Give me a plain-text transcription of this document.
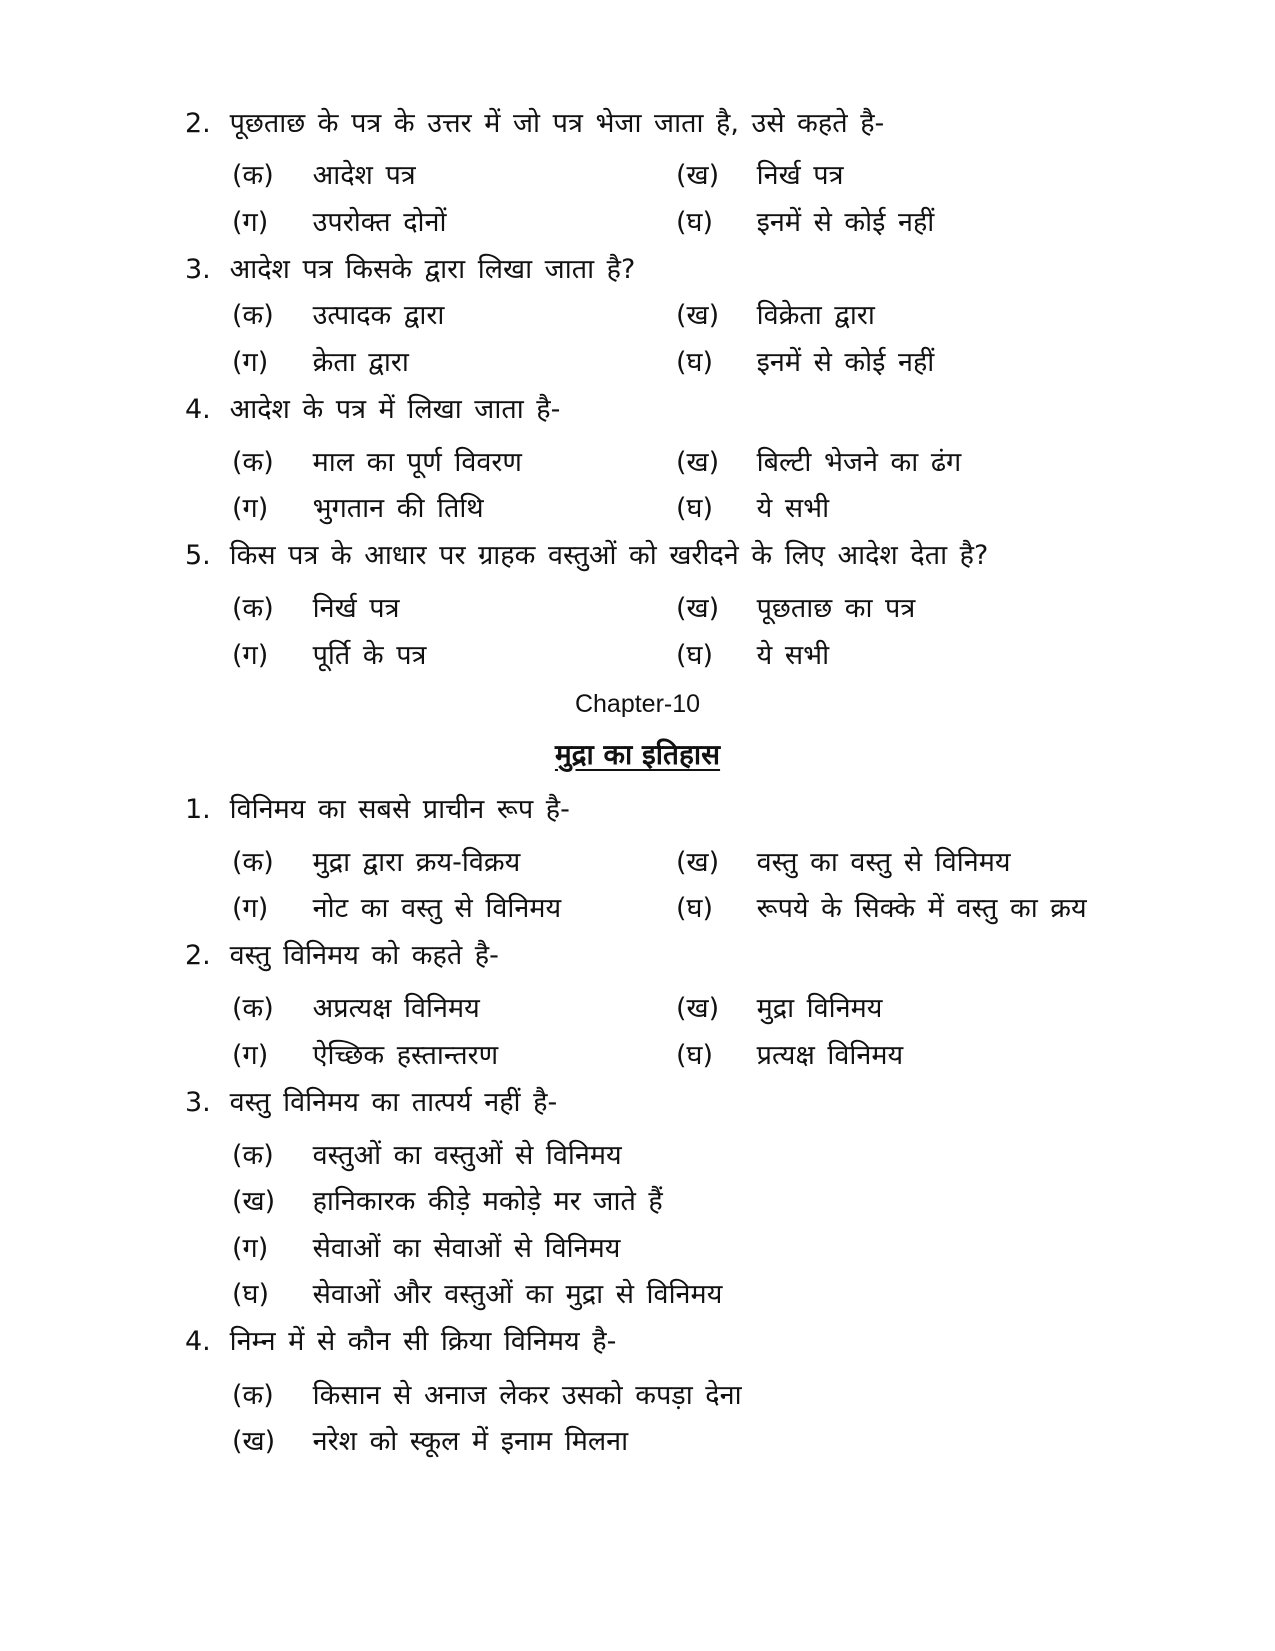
2. पूछताछ के पत्र के उत्तर में जो पत्र भेजा जाता है, उसे कहते है-
(क) आदेश पत्र	(ख) निर्ख पत्र
(ग) उपरोक्त दोनों	(घ) इनमें से कोई नहीं
3. आदेश पत्र किसके द्वारा लिखा जाता है?
(क) उत्पादक द्वारा	(ख) विक्रेता द्वारा
(ग) क्रेता द्वारा	(घ) इनमें से कोई नहीं
4. आदेश के पत्र में लिखा जाता है-
(क) माल का पूर्ण विवरण	(ख) बिल्टी भेजने का ढंग
(ग) भुगतान की तिथि	(घ) ये सभी
5. किस पत्र के आधार पर ग्राहक वस्तुओं को खरीदने के लिए आदेश देता है?
(क) निर्ख पत्र	(ख) पूछताछ का पत्र
(ग) पूर्ति के पत्र	(घ) ये सभी
Chapter-10
मुद्रा का इतिहास
1. विनिमय का सबसे प्राचीन रूप है-
(क) मुद्रा द्वारा क्रय-विक्रय	(ख) वस्तु का वस्तु से विनिमय
(ग) नोट का वस्तु से विनिमय	(घ) रूपये के सिक्के में वस्तु का क्रय
2. वस्तु विनिमय को कहते है-
(क) अप्रत्यक्ष विनिमय	(ख) मुद्रा विनिमय
(ग) ऐच्छिक हस्तान्तरण	(घ) प्रत्यक्ष विनिमय
3. वस्तु विनिमय का तात्पर्य नहीं है-
(क) वस्तुओं का वस्तुओं से विनिमय
(ख) हानिकारक कीड़े मकोड़े मर जाते हैं
(ग) सेवाओं का सेवाओं से विनिमय
(घ) सेवाओं और वस्तुओं का मुद्रा से विनिमय
4. निम्न में से कौन सी क्रिया विनिमय है-
(क) किसान से अनाज लेकर उसको कपड़ा देना
(ख) नरेश को स्कूल में इनाम मिलना
